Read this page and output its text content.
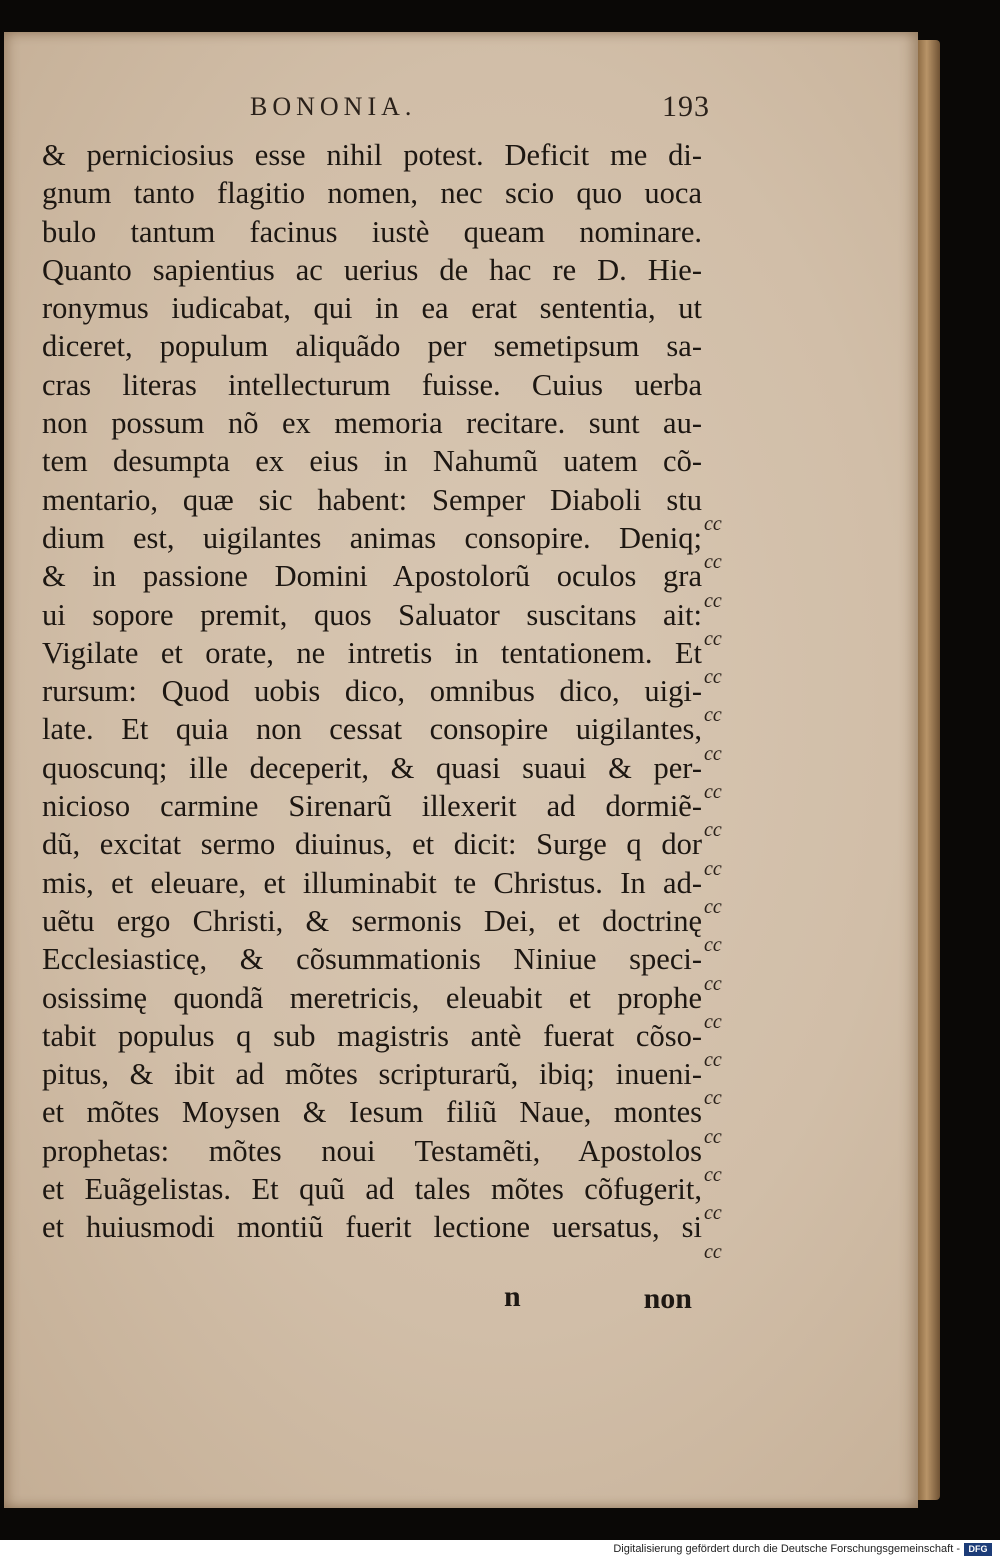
BONONIA.	193
& perniciosius esse nihil potest. Deficit me di-
gnum tanto flagitio nomen, nec scio quo uoca
bulo tantum facinus iustè queam nominare.
Quanto sapientius ac uerius de hac re D. Hie-
ronymus iudicabat, qui in ea erat sententia, ut
diceret, populum aliquãdo per semetipsum sa-
cras literas intellecturum fuisse. Cuius uerba
non possum nõ ex memoria recitare. sunt au-
tem desumpta ex eius in Nahumũ uatem cõ-
mentario, quæ sic habent: Semper Diaboli stu
dium est, uigilantes animas consopire. Deniq;
& in passione Domini Apostolorũ oculos gra
ui sopore premit, quos Saluator suscitans ait:
Vigilate et orate, ne intretis in tentationem. Et
rursum: Quod uobis dico, omnibus dico, uigi-
late. Et quia non cessat consopire uigilantes,
quoscunq; ille deceperit, & quasi suaui & per-
nicioso carmine Sirenarũ illexerit ad dormiẽ-
dũ, excitat sermo diuinus, et dicit: Surge q dor
mis, et eleuare, et illuminabit te Christus. In ad-
uẽtu ergo Christi, & sermonis Dei, et doctrinę
Ecclesiasticę, & cõsummationis Niniue speci-
osissimę quondã meretricis, eleuabit et prophe
tabit populus q sub magistris antè fuerat cõso-
pitus, & ibit ad mõtes scripturarũ, ibiq; inueni-
et mõtes Moysen & Iesum filiũ Naue, montes
prophetas: mõtes noui Testamẽti, Apostolos
et Euãgelistas. Et quũ ad tales mõtes cõfugerit,
et huiusmodi montiũ fuerit lectione uersatus, si
cc
cc
cc
cc
cc
cc
cc
cc
cc
cc
cc
cc
cc
cc
cc
cc
cc
cc
cc
cc
n	non
Digitalisierung gefördert durch die Deutsche Forschungsgemeinschaft - DFG
